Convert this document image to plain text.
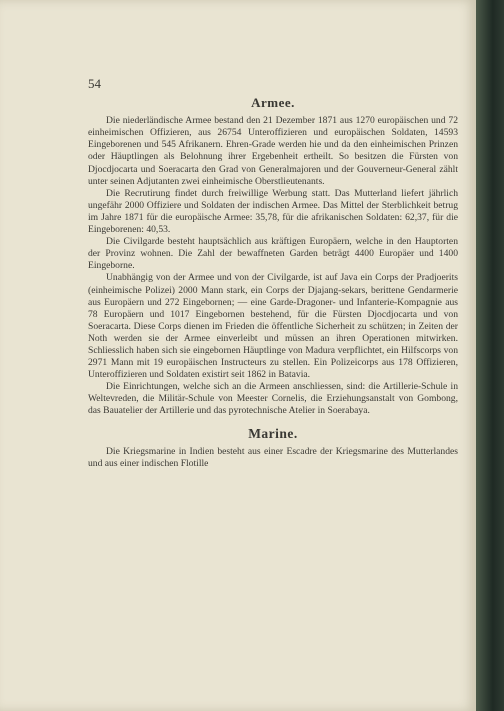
54
Armee.

Die niederländische Armee bestand den 21 Dezember 1871 aus 1270 europäischen und 72 einheimischen Offizieren, aus 26754 Unteroffizieren und europäischen Soldaten, 14593 Eingeborenen und 545 Afrikanern. Ehren-Grade werden hie und da den einheimischen Prinzen oder Häuptlingen als Belohnung ihrer Ergebenheit ertheilt. So besitzen die Fürsten von Djocdjocarta und Soeracarta den Grad von Generalmajoren und der Gouverneur-General zählt unter seinen Adjutanten zwei einheimische Oberstlieutenants.

Die Recrutirung findet durch freiwillige Werbung statt. Das Mutterland liefert jährlich ungefähr 2000 Offiziere und Soldaten der indischen Armee. Das Mittel der Sterblichkeit betrug im Jahre 1871 für die europäische Armee: 35,78, für die afrikanischen Soldaten: 62,37, für die Eingeborenen: 40,53.

Die Civilgarde besteht hauptsächlich aus kräftigen Europäern, welche in den Hauptorten der Provinz wohnen. Die Zahl der bewaffneten Garden beträgt 4400 Europäer und 1400 Eingeborne.

Unabhängig von der Armee und von der Civilgarde, ist auf Java ein Corps der Pradjoerits (einheimische Polizei) 2000 Mann stark, ein Corps der Djajang-sekars, berittene Gendarmerie aus Europäern und 272 Eingebornen; — eine Garde-Dragoner- und Infanterie-Kompagnie aus 78 Europäern und 1017 Eingebornen bestehend, für die Fürsten Djocdjocarta und von Soeracarta. Diese Corps dienen im Frieden die öffentliche Sicherheit zu schützen; in Zeiten der Noth werden sie der Armee einverleibt und müssen an ihren Operationen mitwirken. Schliesslich haben sich sie eingebornen Häuptlinge von Madura verpflichtet, ein Hilfscorps von 2971 Mann mit 19 europäischen Instructeurs zu stellen. Ein Polizeicorps aus 178 Offizieren, Unteroffizieren und Soldaten existirt seit 1862 in Batavia.

Die Einrichtungen, welche sich an die Armeen anschliessen, sind: die Artillerie-Schule in Weltevreden, die Militär-Schule von Meester Cornelis, die Erziehungsanstalt von Gombong, das Bauatelier der Artillerie und das pyrotechnische Atelier in Soerabaya.

Marine.

Die Kriegsmarine in Indien besteht aus einer Escadre der Kriegsmarine des Mutterlandes und aus einer indischen Flotille
